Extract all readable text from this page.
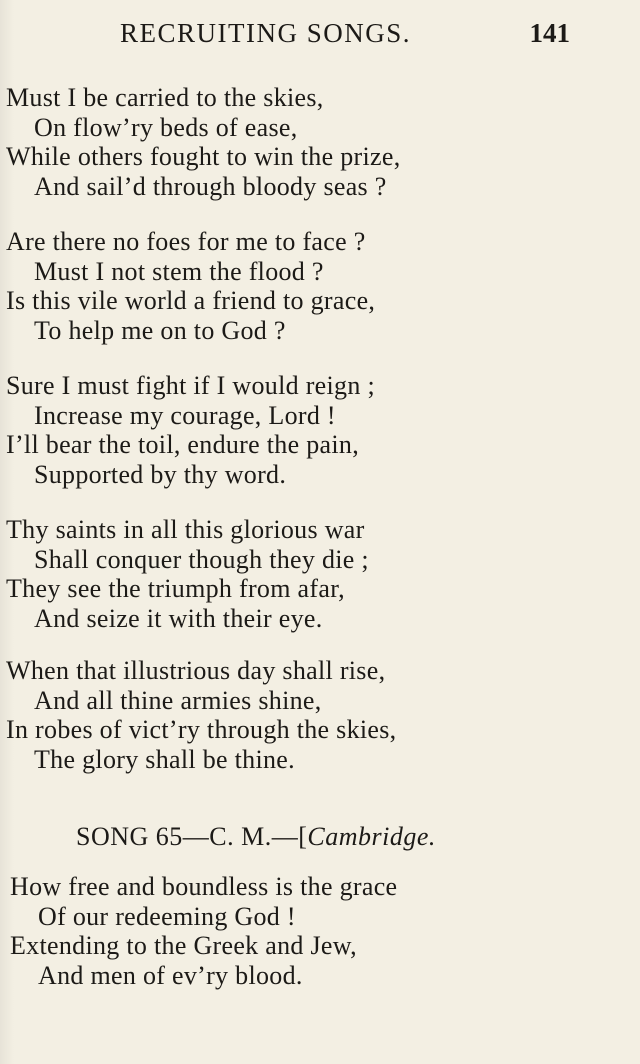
RECRUITING SONGS.	141
Must I be carried to the skies,
On flow’ry beds of ease,
While others fought to win the prize,
And sail’d through bloody seas ?
Are there no foes for me to face ?
Must I not stem the flood ?
Is this vile world a friend to grace,
To help me on to God ?
Sure I must fight if I would reign ;
Increase my courage, Lord !
I’ll bear the toil, endure the pain,
Supported by thy word.
Thy saints in all this glorious war
Shall conquer though they die ;
They see the triumph from afar,
And seize it with their eye.
When that illustrious day shall rise,
And all thine armies shine,
In robes of vict’ry through the skies,
The glory shall be thine.
SONG 65—C. M.—[Cambridge.
How free and boundless is the grace
Of our redeeming God !
Extending to the Greek and Jew,
And men of ev’ry blood.
